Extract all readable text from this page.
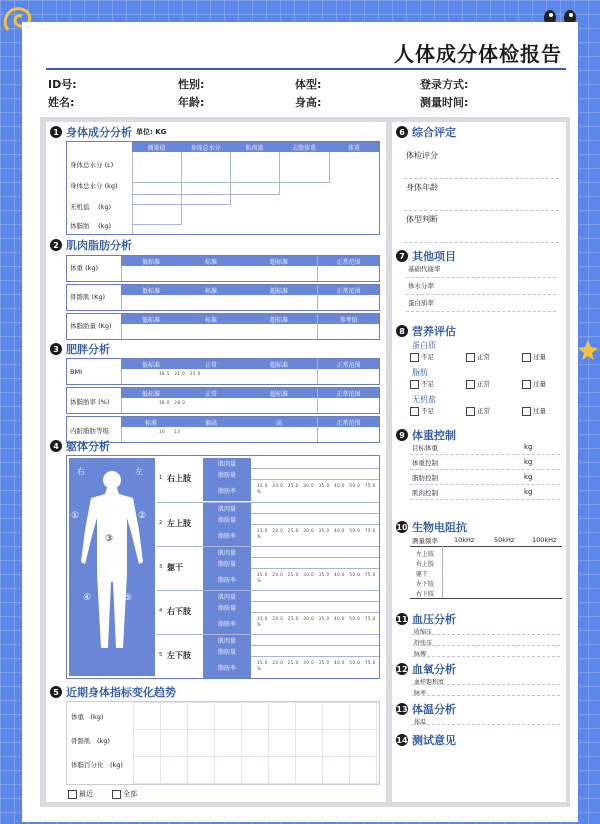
人体成分体检报告
ID号:	性别:	体型:	登录方式:
姓名:	年龄:	身高:	测量时间:
1 身体成分分析 单位: KG
测量值	身体总水分	肌肉量	去脂体重	体重
身体总水分 (L)
身体总水分 (kg)
无机盐　 (kg)
体脂肪　 (kg)
2 肌肉脂肪分析
体重 (kg)
低标准	标准	超标准	正常范围
骨骼肌 (Kg)
低标准	标准	超标准	正常范围
体脂肪量 (Kg)
低标准	标准	超标准	参考值
3 肥胖分析
BMI
低标准	正常	超标准	正常范围
18.5　21.0　25.0
体脂肪率 (%)
低标准	正常	超标准	正常范围
18.0　28.0
内脏脂肪等级
标准	偏高	高	正常范围
10　　13
4 躯体分析
右	左
①	②
③
④	⑤
右上肢
1
肌肉量
脂肪量
脂肪率
15.0　20.0　25.0　30.0　35.0　40.0　50.0　75.0　%
左上肢
2
肌肉量
脂肪量
脂肪率
15.0　20.0　25.0　30.0　35.0　40.0　50.0　75.0　%
躯干
3
肌肉量
脂肪量
脂肪率
15.0　20.0　25.0　30.0　35.0　40.0　50.0　75.0　%
右下肢
4
肌肉量
脂肪量
脂肪率
15.0　20.0　25.0　30.0　35.0　40.0　50.0　75.0　%
左下肢
5
肌肉量
脂肪量
脂肪率
15.0　20.0　25.0　30.0　35.0　40.0　50.0　75.0　%
5 近期身体指标变化趋势
体重　(kg)
骨骼肌　(kg)
体脂百分比　(kg)
最近	全部
6 综合评定
体检评分
身体年龄
体型判断
7 其他项目
基础代谢率
体水分率
蛋白质率
8 营养评估
蛋白质
不足	正常	过量
脂肪
不足	正常	过量
无机盐
不足	正常	过量
9 体重控制
目标体重	kg
体重控制	kg
脂肪控制	kg
肌肉控制	kg
10 生物电阻抗
测量频率 10kHz	50kHz	100kHz
左上肢
右上肢
躯干
左下肢
右下肢
11 血压分析
收缩压
舒张压
脉搏
12 血氧分析
血样饱和度
脉率
13 体温分析
体温
14 测试意见
